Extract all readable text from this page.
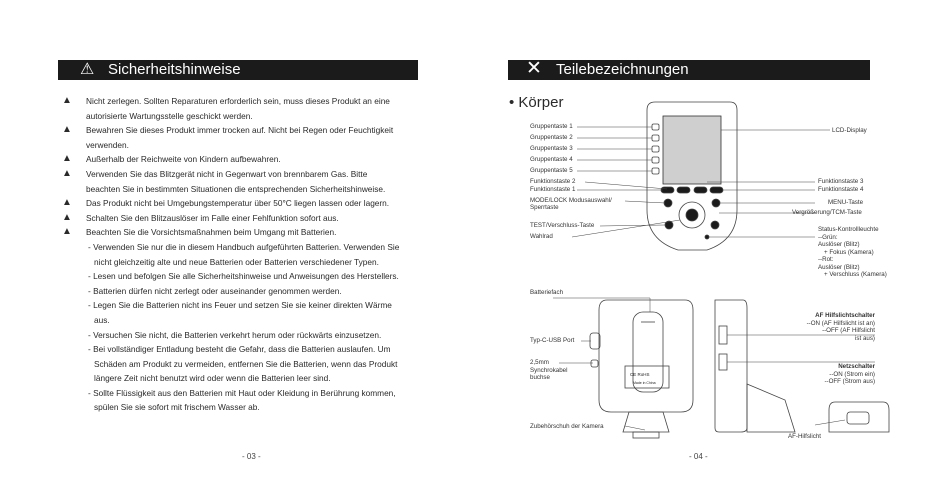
⚠ Sicherheitshinweise
▲ Nicht zerlegen. Sollten Reparaturen erforderlich sein, muss dieses Produkt an eine
autorisierte Wartungsstelle geschickt werden.
▲ Bewahren Sie dieses Produkt immer trocken auf. Nicht bei Regen oder Feuchtigkeit
verwenden.
▲ Außerhalb der Reichweite von Kindern aufbewahren.
▲ Verwenden Sie das Blitzgerät nicht in Gegenwart von brennbarem Gas. Bitte
beachten Sie in bestimmten Situationen die entsprechenden Sicherheitshinweise.
▲ Das Produkt nicht bei Umgebungstemperatur über 50°C liegen lassen oder lagern.
▲ Schalten Sie den Blitzauslöser im Falle einer Fehlfunktion sofort aus.
▲ Beachten Sie die Vorsichtsmaßnahmen beim Umgang mit Batterien.
- Verwenden Sie nur die in diesem Handbuch aufgeführten Batterien. Verwenden Sie
nicht gleichzeitig alte und neue Batterien oder Batterien verschiedener Typen.
- Lesen und befolgen Sie alle Sicherheitshinweise und Anweisungen des Herstellers.
- Batterien dürfen nicht zerlegt oder auseinander genommen werden.
- Legen Sie die Batterien nicht ins Feuer und setzen Sie sie keiner direkten Wärme
aus.
- Versuchen Sie nicht, die Batterien verkehrt herum oder rückwärts einzusetzen.
- Bei vollständiger Entladung besteht die Gefahr, dass die Batterien auslaufen. Um
Schäden am Produkt zu vermeiden, entfernen Sie die Batterien, wenn das Produkt
längere Zeit nicht benutzt wird oder wenn die Batterien leer sind.
- Sollte Flüssigkeit aus den Batterien mit Haut oder Kleidung in Berührung kommen,
spülen Sie sie sofort mit frischem Wasser ab.
- 03 -
✕ Teilebezeichnungen
• Körper
CE RoHS
Made in China
Gruppentaste 1
Gruppentaste 2
Gruppentaste 3
Gruppentaste 4
Gruppentaste 5
Funktionstaste 2
Funktionstaste 1
MODE/LOCK Modusauswahl/
Sperrtaste
TEST/Verschluss-Taste
Wahlrad
LCD-Display
Funktionstaste 3
Funktionstaste 4
MENU-Taste
Vergrößerung/TCM-Taste
Status-Kontrollleuchte
--Grün:
Auslöser (Blitz)
+ Fokus (Kamera)
--Rot:
Auslöser (Blitz)
+ Verschluss (Kamera)
Batteriefach
Typ-C-USB Port
2,5mm
Synchrokabel
buchse
Zubehörschuh der Kamera
AF Hilfslichtschalter
--ON (AF Hilfslicht ist an)
--OFF (AF Hilfslicht
ist aus)
Netzschalter
--ON (Strom ein)
--OFF (Strom aus)
AF-Hilfslicht
- 04 -
